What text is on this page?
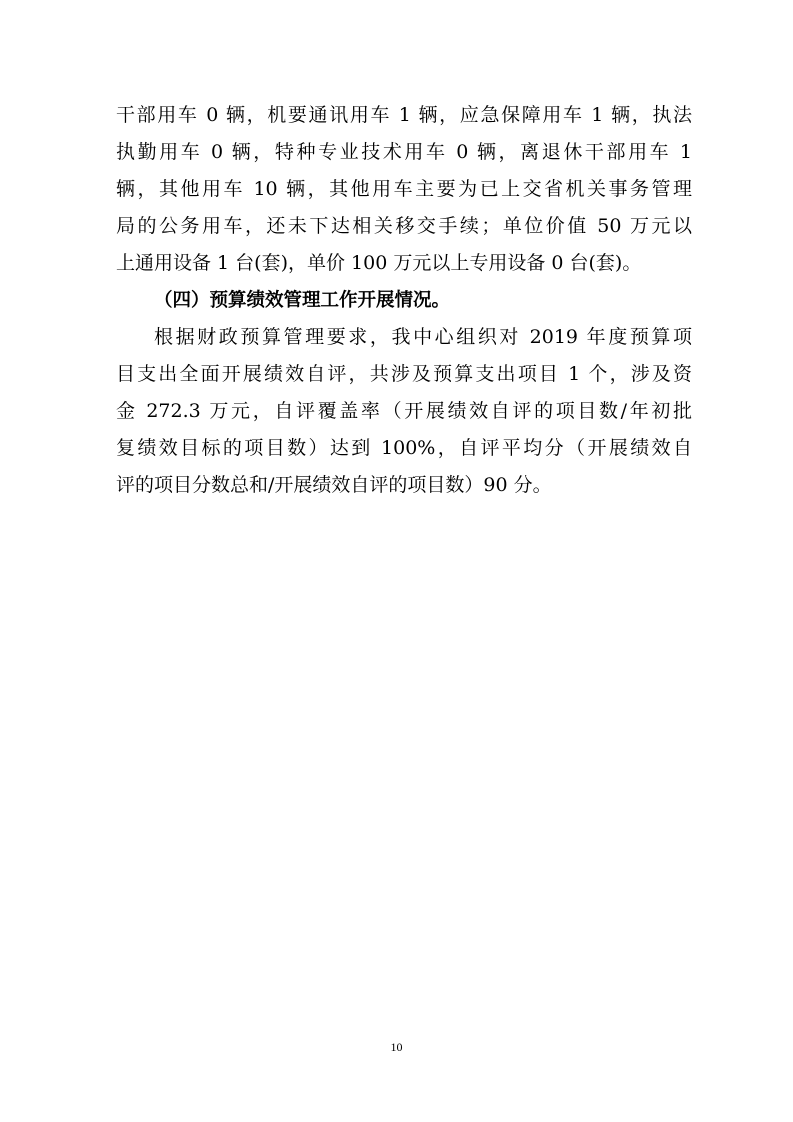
干部用车 0 辆，机要通讯用车 1 辆，应急保障用车 1 辆，执法
执勤用车 0 辆，特种专业技术用车 0 辆，离退休干部用车 1
辆，其他用车 10 辆，其他用车主要为已上交省机关事务管理
局的公务用车，还未下达相关移交手续；单位价值 50 万元以
上通用设备 1 台(套)，单价 100 万元以上专用设备 0 台(套)。
（四）预算绩效管理工作开展情况。
根据财政预算管理要求，我中心组织对 2019 年度预算项
目支出全面开展绩效自评，共涉及预算支出项目 1 个，涉及资
金 272.3 万元，自评覆盖率（开展绩效自评的项目数/年初批
复绩效目标的项目数）达到 100%，自评平均分（开展绩效自
评的项目分数总和/开展绩效自评的项目数）90 分。
10
